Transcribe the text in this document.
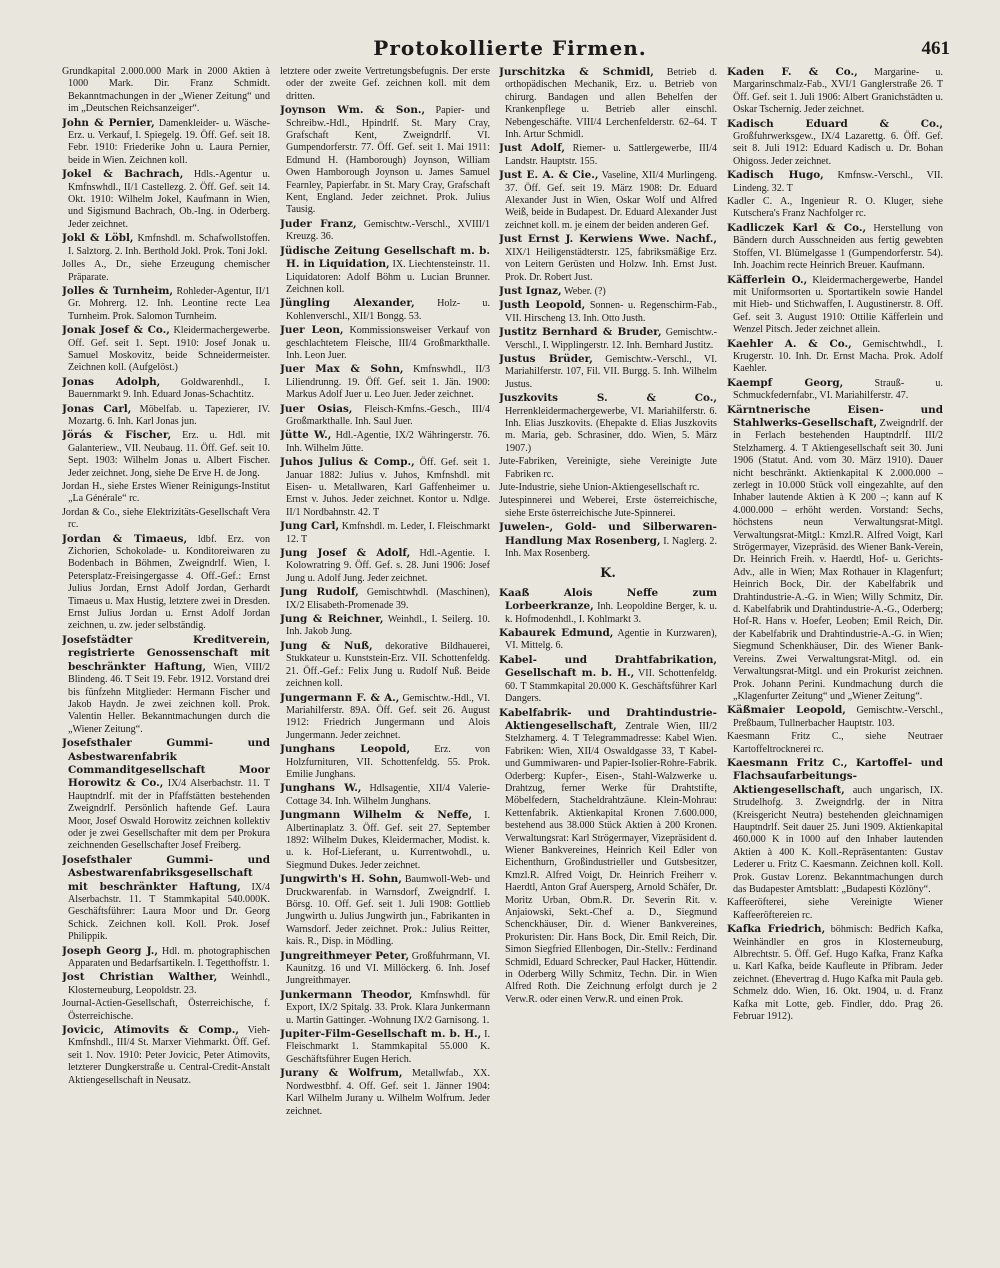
Protokollierte Firmen.	461
Grundkapital 2.000.000 Mark in 2000 Aktien à 1000 Mark. Dir. Franz Schmidt. Bekanntmachungen in der „Wiener Zeitung“ und im „Deutschen Reichsanzeiger“.
John & Pernier, Damenkleider- u. Wäsche-Erz. u. Verkauf, I. Spiegelg. 19. Öff. Gef. seit 18. Febr. 1910: Friederike John u. Laura Pernier, beide in Wien. Zeichnen koll.
Jokel & Bachrach, Hdls.-Agentur u. Kmfnswhdl., II/1 Castellezg. 2. Öff. Gef. seit 14. Okt. 1910: Wilhelm Jokel, Kaufmann in Wien, und Sigismund Bachrach, Ob.-Ing. in Oderberg. Jeder zeichnet.
Jokl & Löbl, Kmfnshdl. m. Schafwollstoffen. I. Salztorg. 2. Inh. Berthold Jokl. Prok. Toni Jokl.
Jolles A., Dr., siehe Erzeugung chemischer Präparate.
Jolles & Turnheim, Rohleder-Agentur, II/1 Gr. Mohrerg. 12. Inh. Leontine recte Lea Turnheim. Prok. Salomon Turnheim.
Jonak Josef & Co., Kleidermachergewerbe. Off. Gef. seit 1. Sept. 1910: Josef Jonak u. Samuel Moskovitz, beide Schneidermeister. Zeichnen koll. (Aufgelöst.)
Jonas Adolph, Goldwarenhdl., I. Bauernmarkt 9. Inh. Eduard Jonas-Schachtitz.
Jonas Carl, Möbelfab. u. Tapezierer, IV. Mozartg. 6. Inh. Karl Jonas jun.
Jörás & Fischer, Erz. u. Hdl. mit Galanteriew., VII. Neubaug. 11. Öff. Gef. seit 10. Sept. 1903: Wilhelm Jonas u. Albert Fischer. Jeder zeichnet. Jong, siehe De Erve H. de Jong.
Jordan H., siehe Erstes Wiener Reinigungs-Institut „La Générale“ rc.
Jordan & Co., siehe Elektrizitäts-Gesellschaft Vera rc.
Jordan & Timaeus, ldbf. Erz. von Zichorien, Schokolade- u. Konditoreiwaren zu Bodenbach in Böhmen, Zweigndrlf. Wien, I. Petersplatz-Freisingergasse 4. Off.-Gef.: Ernst Julius Jordan, Ernst Adolf Jordan, Gerhardt Timaeus u. Max Hustig, letztere zwei in Dresden. Ernst Julius Jordan u. Ernst Adolf Jordan zeichnen, u. zw. jeder selbständig.
Josefstädter Kreditverein, registrierte Genossenschaft mit beschränkter Haftung, Wien, VIII/2 Blindeng. 46. T Seit 19. Febr. 1912. Vorstand drei bis fünfzehn Mitglieder: Hermann Fischer und Jakob Haydn. Je zwei zeichnen koll. Prok. Valentin Heller. Bekanntmachungen durch die „Wiener Zeitung“.
Josefsthaler Gummi- und Asbestwarenfabrik Commanditgesellschaft Moor Horowitz & Co., IX/4 Alserbachstr. 11. T Hauptndrlf. mit der in Pfaffstätten bestehenden Zweigndrlf. Persönlich haftende Gef. Laura Moor, Josef Oswald Horowitz zeichnen kollektiv oder je zwei Gesellschafter mit dem per Prokura zeichnenden Gesellschafter Josef Freiberg.
Josefsthaler Gummi- und Asbestwarenfabriksgesellschaft mit beschränkter Haftung, IX/4 Alserbachstr. 11. T Stammkapital 540.000K. Geschäftsführer: Laura Moor und Dr. Georg Schick. Zeichnen koll. Koll. Prok. Josef Philippik.
Joseph Georg J., Hdl. m. photographischen Apparaten und Bedarfsartikeln. I. Tegetthoffstr. 1.
Jost Christian Walther, Weinhdl., Klosterneuburg, Leopoldstr. 23.
Journal-Actien-Gesellschaft, Österreichische, f. Österreichische.
Jovicic, Atimovits & Comp., Vieh-Kmfnshdl., III/4 St. Marxer Viehmarkt. Öff. Gef. seit 1. Nov. 1910: Peter Jovicic, Peter Atimovits, letzterer Dungkerstraße u. Central-Credit-Anstalt Aktiengesellschaft in Neusatz.
letztere oder zweite Vertretungsbefugnis. Der erste oder der zweite Gef. zeichnen koll. mit dem dritten.
Joynson Wm. & Son., Papier- und Schreibw.-Hdl., Hpindrlf. St. Mary Cray, Grafschaft Kent, Zweigndrlf. VI. Gumpendorferstr. 77. Öff. Gef. seit 1. Mai 1911: Edmund H. (Hamborough) Joynson, William Owen Hamborough Joynson u. James Samuel Fearnley, Papierfabr. in St. Mary Cray, Grafschaft Kent, England. Jeder zeichnet. Prok. Julius Tausig.
Juder Franz, Gemischtw.-Verschl., XVIII/1 Kreuzg. 36.
Jüdische Zeitung Gesellschaft m. b. H. in Liquidation, IX. Liechtensteinstr. 11. Liquidatoren: Adolf Böhm u. Lucian Brunner. Zeichnen koll.
Jüngling Alexander, Holz- u. Kohlenverschl., XII/1 Bongg. 53.
Juer Leon, Kommissionsweiser Verkauf von geschlachtetem Fleische, III/4 Großmarkthalle. Inh. Leon Juer.
Juer Max & Sohn, Kmfnswhdl., II/3 Liliendrunng. 19. Öff. Gef. seit 1. Jän. 1900: Markus Adolf Juer u. Leo Juer. Jeder zeichnet.
Juer Osias, Fleisch-Kmfns.-Gesch., III/4 Großmarkthalle. Inh. Saul Juer.
Jütte W., Hdl.-Agentie, IX/2 Währingerstr. 76. Inh. Wilhelm Jütte.
Juhos Julius & Comp., Öff. Gef. seit 1. Januar 1882: Julius v. Juhos, Kmfnshdl. mit Eisen- u. Metallwaren, Karl Gaffenheimer u. Ernst v. Juhos. Jeder zeichnet. Kontor u. Ndlge. II/1 Nordbahnstr. 42. T
Jung Carl, Kmfnshdl. m. Leder, I. Fleischmarkt 12. T
Jung Josef & Adolf, Hdl.-Agentie. I. Kolowratring 9. Öff. Gef. s. 28. Juni 1906: Josef Jung u. Adolf Jung. Jeder zeichnet.
Jung Rudolf, Gemischtwhdl. (Maschinen), IX/2 Elisabeth-Promenade 39.
Jung & Reichner, Weinhdl., I. Seilerg. 10. Inh. Jakob Jung.
Jung & Nuß, dekorative Bildhauerei, Stukkateur u. Kunststein-Erz. VII. Schottenfeldg. 21. Öff.-Gef.: Felix Jung u. Rudolf Nuß. Beide zeichnen koll.
Jungermann F. & A., Gemischtw.-Hdl., VI. Mariahilferstr. 89A. Öff. Gef. seit 26. August 1912: Friedrich Jungermann und Alois Jungermann. Jeder zeichnet.
Junghans Leopold, Erz. von Holzfurnituren, VII. Schottenfeldg. 55. Prok. Emilie Junghans.
Junghans W., Hdlsagentie, XII/4 Valerie-Cottage 34. Inh. Wilhelm Junghans.
Jungmann Wilhelm & Neffe, I. Albertinaplatz 3. Öff. Gef. seit 27. September 1892: Wilhelm Dukes, Kleidermacher, Modist. k. u. k. Hof-Lieferant, u. Kurrentwohdl., u. Siegmund Dukes. Jeder zeichnet.
Jungwirth's H. Sohn, Baumwoll-Web- und Druckwarenfab. in Warnsdorf, Zweigndrlf. I. Börsg. 10. Off. Gef. seit 1. Juli 1908: Gottlieb Jungwirth u. Julius Jungwirth jun., Fabrikanten in Warnsdorf. Jeder zeichnet. Prok.: Julius Reitter, kais. R., Disp. in Mödling.
Jungreithmeyer Peter, Großfuhrmann, VI. Kaunitzg. 16 und VI. Millöckerg. 6. Inh. Josef Jungreithmayer.
Junkermann Theodor, Kmfnswhdl. für Export, IX/2 Spitalg. 33. Prok. Klara Junkermann u. Martin Gattinger. -Wohnung IX/2 Garnisong. 1.
Jupiter-Film-Gesellschaft m. b. H., I. Fleischmarkt 1. Stammkapital 55.000 K. Geschäftsführer Eugen Herich.
Jurany & Wolfrum, Metallwfab., XX. Nordwestbhf. 4. Off. Gef. seit 1. Jänner 1904: Karl Wilhelm Jurany u. Wilhelm Wolfrum. Jeder zeichnet.
Jurschitzka & Schmidl, Betrieb d. orthopädischen Mechanik, Erz. u. Betrieb von chirurg. Bandagen und allen Behelfen der Krankenpflege u. Betrieb aller einschl. Nebengeschäfte. VIII/4 Lerchenfelderstr. 62–64. T Inh. Artur Schmidl.
Just Adolf, Riemer- u. Sattlergewerbe, III/4 Landstr. Hauptstr. 155.
Just E. A. & Cie., Vaseline, XII/4 Murlingeng. 37. Öff. Gef. seit 19. März 1908: Dr. Eduard Alexander Just in Wien, Oskar Wolf und Alfred Weiß, beide in Budapest. Dr. Eduard Alexander Just zeichnet koll. m. je einem der beiden anderen Gef.
Just Ernst J. Kerwiens Wwe. Nachf., XIX/1 Heiligenstädterstr. 125, fabriksmäßige Erz. von Leitern Gerüsten und Holzw. Inh. Ernst Just. Prok. Dr. Robert Just.
Just Ignaz, Weber. (?)
Justh Leopold, Sonnen- u. Regenschirm-Fab., VII. Hirscheng 13. Inh. Otto Justh.
Justitz Bernhard & Bruder, Gemischtw.-Verschl., I. Wipplingerstr. 12. Inh. Bernhard Justitz.
Justus Brüder, Gemischtw.-Verschl., VI. Mariahilferstr. 107, Fil. VII. Burgg. 5. Inh. Wilhelm Justus.
Juszkovits S. & Co., Herrenkleidermachergewerbe, VI. Mariahilferstr. 6. Inh. Elias Juszkovits. (Ehepakte d. Elias Juszkovits m. Maria, geb. Schrasiner, ddo. Wien, 5. März 1907.)
Jute-Fabriken, Vereinigte, siehe Vereinigte Jute Fabriken rc.
Jute-Industrie, siehe Union-Aktiengesellschaft rc.
Jutespinnerei und Weberei, Erste österreichische, siehe Erste österreichische Jute-Spinnerei.
Juwelen-, Gold- und Silberwaren-Handlung Max Rosenberg, I. Naglerg. 2. Inh. Max Rosenberg.
K.
Kaaß Alois Neffe zum Lorbeerkranze, Inh. Leopoldine Berger, k. u. k. Hofmodenhdl., I. Kohlmarkt 3.
Kabaurek Edmund, Agentie in Kurzwaren), VI. Mittelg. 6.
Kabel- und Drahtfabrikation, Gesellschaft m. b. H., VII. Schottenfeldg. 60. T Stammkapital 20.000 K. Geschäftsführer Karl Dangers.
Kabelfabrik- und Drahtindustrie-Aktiengesellschaft, Zentrale Wien, III/2 Stelzhamerg. 4. T Telegrammadresse: Kabel Wien. Fabriken: Wien, XII/4 Oswaldgasse 33, T Kabel- und Gummiwaren- und Papier-Isolier-Rohre-Fabrik. Oderberg: Kupfer-, Eisen-, Stahl-Walzwerke u. Drahtzug, ferner Werke für Drahtstifte, Möbelfedern, Stacheldrahtzäune. Klein-Mohrau: Kettenfabrik. Aktienkapital Kronen 7.600.000, bestehend aus 38.000 Stück Aktien à 200 Kronen. Verwaltungsrat: Karl Strögermayer, Vizepräsident d. Wiener Bankvereines, Heinrich Keil Edler von Eichenthurn, Großindustrieller und Gutsbesitzer, Kmzl.R. Alfred Voigt, Dr. Heinrich Freiherr v. Haerdtl, Anton Graf Auersperg, Arnold Schäfer, Dr. Moritz Urban, Obm.R. Dr. Severin Rit. v. Anjaiowski, Sekt.-Chef a. D., Siegmund Schenckhäuser, Dir. d. Wiener Bankvereines, Prokuristen: Dir. Hans Bock, Dir. Emil Reich, Dir. Simon Siegfried Ellenbogen, Dir.-Stellv.: Ferdinand Schmidl, Eduard Schrecker, Paul Hacker, Hüttendir. in Oderberg Willy Schmitz, Techn. Dir. in Wien Alfred Roth. Die Zeichnung erfolgt durch je 2 Verw.R. oder einen Verw.R. und einen Prok.
Kaden F. & Co., Margarine- u. Margarinschmalz-Fab., XVI/1 Ganglerstraße 26. T Öff. Gef. seit 1. Juli 1906: Albert Granichstädten u. Oskar Tschernig. Jeder zeichnet.
Kadisch Eduard & Co., Großfuhrwerksgew., IX/4 Lazarettg. 6. Öff. Gef. seit 8. Juli 1912: Eduard Kadisch u. Dr. Bohan Ohigoss. Jeder zeichnet.
Kadisch Hugo, Kmfnsw.-Verschl., VII. Lindeng. 32. T
Kadler C. A., Ingenieur R. O. Kluger, siehe Kutschera's Franz Nachfolger rc.
Kadliczek Karl & Co., Herstellung von Bändern durch Ausschneiden aus fertig gewebten Stoffen, VI. Blümelgasse 1 (Gumpendorferstr. 54). Inh. Joachim recte Heinrich Breuer. Kaufmann.
Käfferlein O., Kleidermachergewerbe, Handel mit Uniformsorten u. Sportartikeln sowie Handel mit Hieb- und Stichwaffen, I. Augustinerstr. 8. Off. Gef. seit 3. August 1910: Ottilie Käfferlein und Wenzel Pitsch. Jeder zeichnet allein.
Kaehler A. & Co., Gemischtwhdl., I. Krugerstr. 10. Inh. Dr. Ernst Macha. Prok. Adolf Kaehler.
Kaempf Georg,	Strauß- u. Schmuckfedernfabr., VI. Mariahilferstr. 47.
Kärntnerische Eisen- und Stahlwerks-Gesellschaft, Zweigndrlf. der in Ferlach bestehenden Hauptndrlf. III/2 Stelzhamerg. 4. T Aktiengesellschaft seit 30. Juni 1906 (Statut. And. vom 30. März 1910). Dauer nicht beschränkt. Aktienkapital K 2.000.000 – zerlegt in 10.000 Stück voll eingezahlte, auf den Inhaber lautende Aktien à K 200 –; kann auf K 4.000.000 – erhöht werden. Vorstand: Sechs, höchstens neun Verwaltungsrat-Mitgl. Verwaltungsrat-Mitgl.: Kmzl.R. Alfred Voigt, Karl Strögermayer, Vizepräsid. des Wiener Bank-Verein, Dr. Heinrich Freih. v. Haerdtl, Hof- u. Gerichts-Adv., alle in Wien; Max Rothauer in Klagenfurt; Heinrich Bock, Dir. der Kabelfabrik und Drahtindustrie-A.-G. in Wien; Willy Schmitz, Dir. d. Kabelfabrik und Drahtindustrie-A.-G., Oderberg; Hof-R. Hans v. Hoefer, Leoben; Emil Reich, Dir. der Kabelfabrik und Drahtindustrie-A.-G. in Wien; Siegmund Schenkhäuser, Dir. des Wiener Bank-Vereins. Zwei Verwaltungsrat-Mitgl. od. ein Verwaltungsrat-Mitgl. und ein Prokurist zeichnen. Prok. Johann Perini. Kundmachung durch die „Klagenfurter Zeitung“ und „Wiener Zeitung“.
Käßmaier Leopold, Gemischtw.-Verschl., Preßbaum, Tullnerbacher Hauptstr. 103.
Kaesmann Fritz C., siehe Neutraer Kartoffeltrocknerei rc.
Kaesmann Fritz C., Kartoffel- und Flachsaufarbeitungs-Aktiengesellschaft, auch ungarisch, IX. Strudelhofg. 3. Zweigndrlg. der in Nitra (Kreisgericht Neutra) bestehenden gleichnamigen Hauptndrlf. Seit dauer 25. Juni 1909. Aktienkapital 460.000 K in 1000 auf den Inhaber lautenden Aktien à 400 K. Koll.-Repräsentanten: Gustav Lederer u. Fritz C. Kaesmann. Zeichnen koll. Koll. Prok. Gustav Lorenz. Bekanntmachungen durch das Budapester Amtsblatt: „Budapesti Közlöny“.
Kaffeeröfterei, siehe Vereinigte Wiener Kaffeeröftereien rc.
Kafka Friedrich, böhmisch: Bedřich Kafka, Weinhändler en gros in Klosterneuburg, Albrechtstr. 5. Öff. Gef. Hugo Kafka, Franz Kafka u. Karl Kafka, beide Kaufleute in Přibram. Jeder zeichnet. (Ehevertrag d. Hugo Kafka mit Paula geb. Schmelz ddo. Wien, 16. Okt. 1904, u. d. Franz Kafka mit Lotte, geb. Findler, ddo. Prag 26. Februar 1912).
